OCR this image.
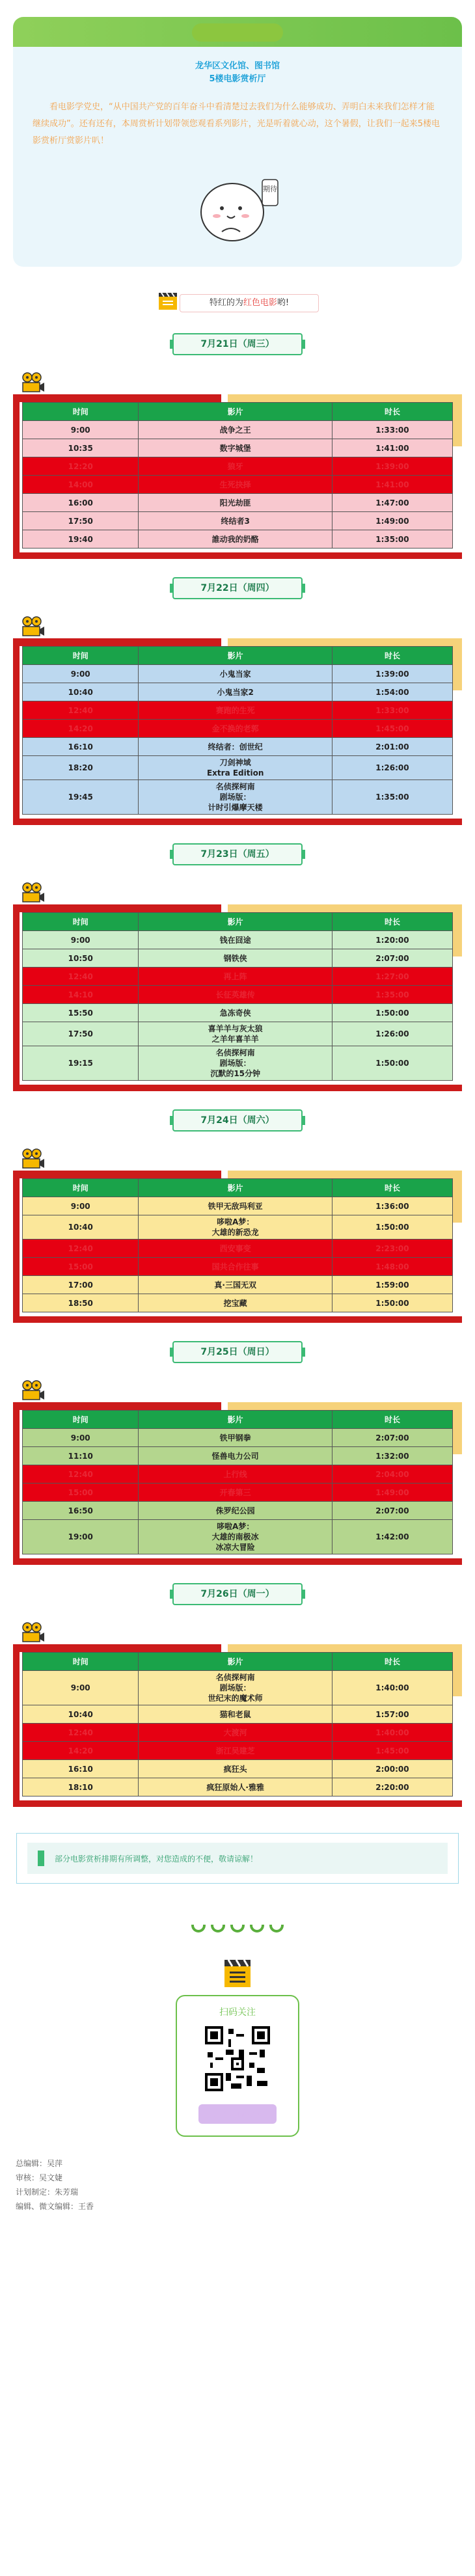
龙华区文化馆、图书馆
5楼电影赏析厅

看电影学党史，“从中国共产党的百年奋斗中看清楚过去我们为什么能够成功、弄明白未来我们怎样才能继续成功”。还有还有，本周赏析计划带领您观看系列影片，光是听着就心动，这个暑假，让我们一起来5楼电影赏析厅赏影片叭！

期待
特红的为红色电影哟!
7月21日（周三）
时间	影片	时长
9:00	战争之王	1:33:00
10:35	数字城堡	1:41:00
12:20	狼牙	1:39:00
14:00	生死抉择	1:41:00
16:00	阳光劫匪	1:47:00
17:50	终结者3	1:49:00
19:40	誰动我的奶酪	1:35:00
7月22日（周四）
时间	影片	时长
9:00	小鬼当家	1:39:00
10:40	小鬼当家2	1:54:00
12:40	赛跑的生死	1:33:00
14:20	金不换的老郭	1:45:00
16:10	终结者：创世纪	2:01:00
18:20	刀剑神域
Extra Edition	1:26:00
19:45	名侦探柯南
剧场版：
计时引爆摩天楼	1:35:00
7月23日（周五）
时间	影片	时长
9:00	钱在囧途	1:20:00
10:50	钢铁侠	2:07:00
12:40	再上阵	1:27:00
14:10	长征英雄传	1:35:00
15:50	急冻奇侠	1:50:00
17:50	喜羊羊与灰太狼
之羊年喜羊羊	1:26:00
19:15	名侦探柯南
剧场版：
沉默的15分钟	1:50:00
7月24日（周六）
时间	影片	时长
9:00	铁甲无敌玛利亚	1:36:00
10:40	哆啦A梦：
大雄的新恐龙	1:50:00
12:40	西安事变	2:23:00
15:00	国共合作往事	1:48:00
17:00	真·三国无双	1:59:00
18:50	挖宝藏	1:50:00
7月25日（周日）
时间	影片	时长
9:00	铁甲钢拳	2:07:00
11:10	怪兽电力公司	1:32:00
12:40	上行线	2:04:00
15:00	开春第三	1:49:00
16:50	侏罗纪公园	2:07:00
19:00	哆啦A梦：
大雄的南极冰
冰凉大冒险	1:42:00
7月26日（周一）
时间	影片	时长
9:00	名侦探柯南
剧场版：
世纪末的魔术师	1:40:00
10:40	猫和老鼠	1:57:00
12:40	大渡河	1:40:00
14:20	浙江吴建芝	1:45:00
16:10	疯狂头	2:00:00
18:10	疯狂原始人·雅雅	2:20:00
部分电影赏析排期有所调整，对您造成的不便，敬请谅解！
扫码关注
长按二维码关注
总编辑：吴萍
审核：吴文婕
计划制定：朱芳瑞
编辑、微文编辑：王香
